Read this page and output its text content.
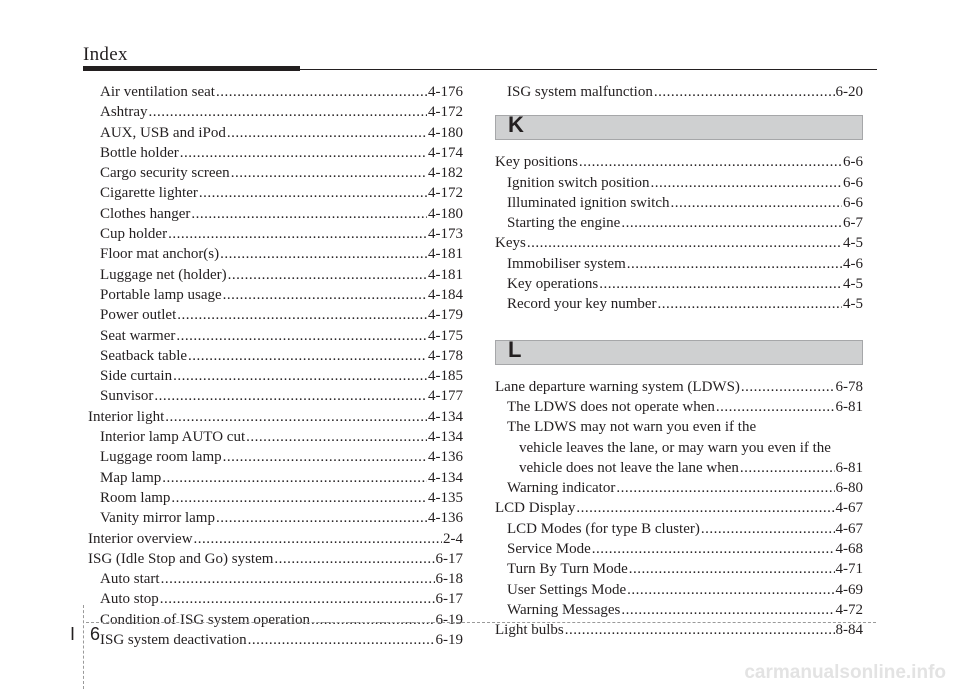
Index
Air ventilation seat .....	4-176
Ashtray .....	4-172
AUX, USB and iPod .....	4-180
Bottle holder .....	4-174
Cargo security screen .....	4-182
Cigarette lighter .....	4-172
Clothes hanger .....	4-180
Cup holder .....	4-173
Floor mat anchor(s) .....	4-181
Luggage net (holder) .....	4-181
Portable lamp usage .....	4-184
Power outlet .....	4-179
Seat warmer .....	4-175
Seatback table .....	4-178
Side curtain .....	4-185
Sunvisor .....	4-177
Interior light .....	4-134
Interior lamp AUTO cut .....	4-134
Luggage room lamp .....	4-136
Map lamp .....	4-134
Room lamp .....	4-135
Vanity mirror lamp .....	4-136
Interior overview .....	2-4
ISG (Idle Stop and Go) system .....	6-17
Auto start .....	6-18
Auto stop .....	6-17
Condition of ISG system operation .....	6-19
ISG system deactivation .....	6-19
ISG system malfunction .....	6-20
K
Key positions .....	6-6
Ignition switch position .....	6-6
Illuminated ignition switch .....	6-6
Starting the engine .....	6-7
Keys .....	4-5
Immobiliser system .....	4-6
Key operations .....	4-5
Record your key number .....	4-5
L
Lane departure warning system (LDWS) .....	6-78
The LDWS does not operate when .....	6-81
The LDWS may not warn you even if the
vehicle leaves the lane, or may warn you even if the
vehicle does not leave the lane when .....	6-81
Warning indicator .....	6-80
LCD Display .....	4-67
LCD Modes (for type B cluster) .....	4-67
Service Mode .....	4-68
Turn By Turn Mode .....	4-71
User Settings Mode .....	4-69
Warning Messages .....	4-72
Light bulbs .....	8-84
I 6
carmanualsonline.info
